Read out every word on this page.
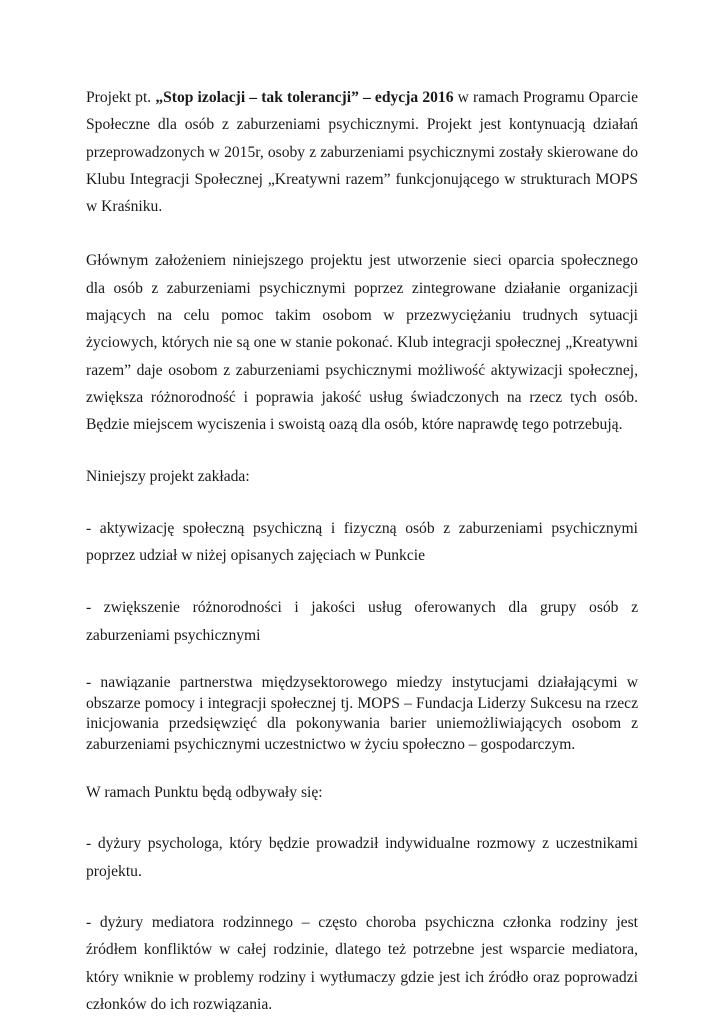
Projekt pt. „Stop izolacji – tak tolerancji” – edycja 2016 w ramach Programu Oparcie Społeczne dla osób z zaburzeniami psychicznymi. Projekt jest kontynuacją działań przeprowadzonych w 2015r, osoby z zaburzeniami psychicznymi zostały skierowane do Klubu Integracji Społecznej „Kreatywni razem” funkcjonującego w strukturach MOPS w Kraśniku.

Głównym założeniem niniejszego projektu jest utworzenie sieci oparcia społecznego dla osób z zaburzeniami psychicznymi poprzez zintegrowane działanie organizacji mających na celu pomoc takim osobom w przezwyciężaniu trudnych sytuacji życiowych, których nie są one w stanie pokonać. Klub integracji społecznej „Kreatywni razem” daje osobom z zaburzeniami psychicznymi możliwość aktywizacji społecznej, zwiększa różnorodność i poprawia jakość usług świadczonych na rzecz tych osób. Będzie miejscem wyciszenia i swoistą oazą dla osób, które naprawdę tego potrzebują.

Niniejszy projekt zakłada:

- aktywizację społeczną psychiczną i fizyczną osób z zaburzeniami psychicznymi poprzez udział w niżej opisanych zajęciach w Punkcie

- zwiększenie różnorodności i jakości usług oferowanych dla grupy osób z zaburzeniami psychicznymi

- nawiązanie partnerstwa międzysektorowego miedzy instytucjami działającymi w obszarze pomocy i integracji społecznej tj. MOPS – Fundacja Liderzy Sukcesu na rzecz inicjowania przedsięwzięć dla pokonywania barier uniemożliwiających osobom z zaburzeniami psychicznymi uczestnictwo w życiu społeczno – gospodarczym.

W ramach Punktu będą odbywały się:

- dyżury psychologa, który będzie prowadził indywidualne rozmowy z uczestnikami projektu.

- dyżury mediatora rodzinnego – często choroba psychiczna członka rodziny jest źródłem konfliktów w całej rodzinie, dlatego też potrzebne jest wsparcie mediatora, który wniknie w problemy rodziny i wytłumaczy gdzie jest ich źródło oraz poprowadzi członków do ich rozwiązania.
